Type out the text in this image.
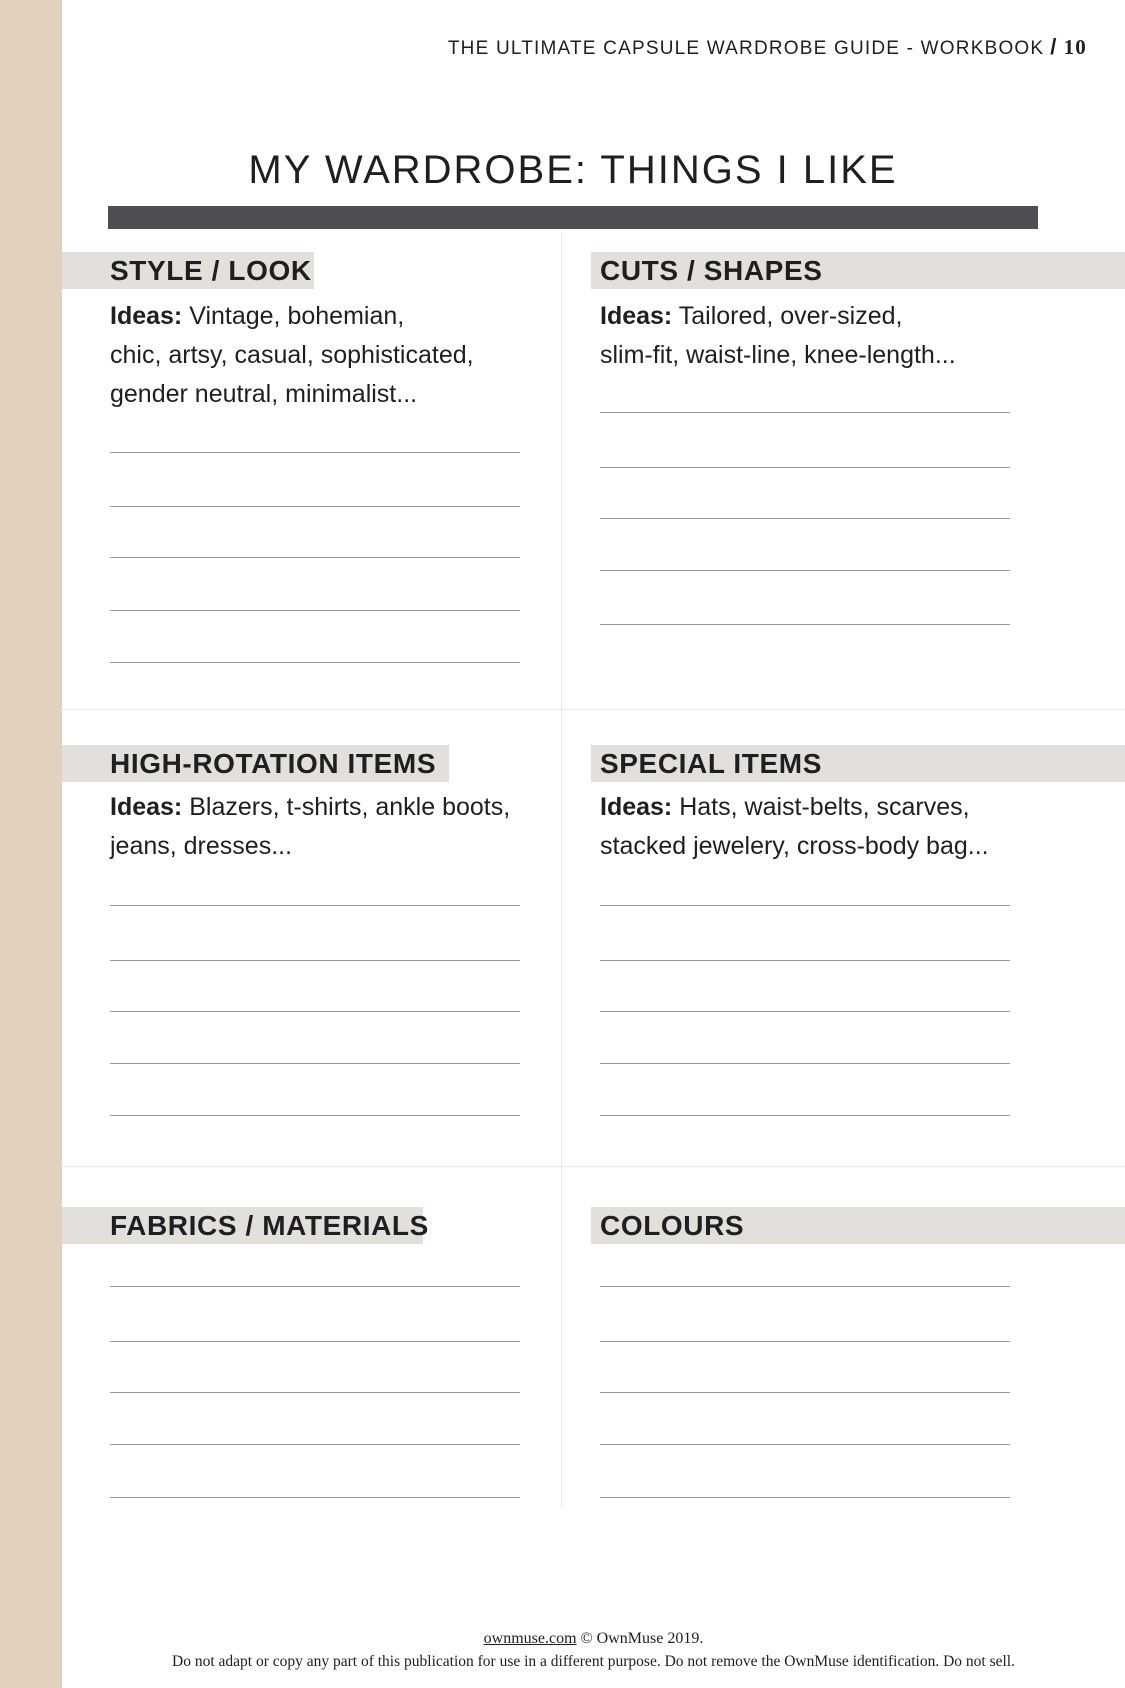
THE ULTIMATE CAPSULE WARDROBE GUIDE - WORKBOOK / 10
MY WARDROBE: THINGS I LIKE
STYLE / LOOK

Ideas: Vintage, bohemian,
chic, artsy, casual, sophisticated,
gender neutral, minimalist...

CUTS / SHAPES

Ideas: Tailored, over-sized,
slim-fit, waist-line, knee-length...

HIGH-ROTATION ITEMS

Ideas: Blazers, t-shirts, ankle boots,
jeans, dresses...

SPECIAL ITEMS

Ideas: Hats, waist-belts, scarves,
stacked jewelery, cross-body bag...

FABRICS / MATERIALS	COLOURS
ownmuse.com © OwnMuse 2019.
Do not adapt or copy any part of this publication for use in a different purpose. Do not remove the OwnMuse identification. Do not sell.
